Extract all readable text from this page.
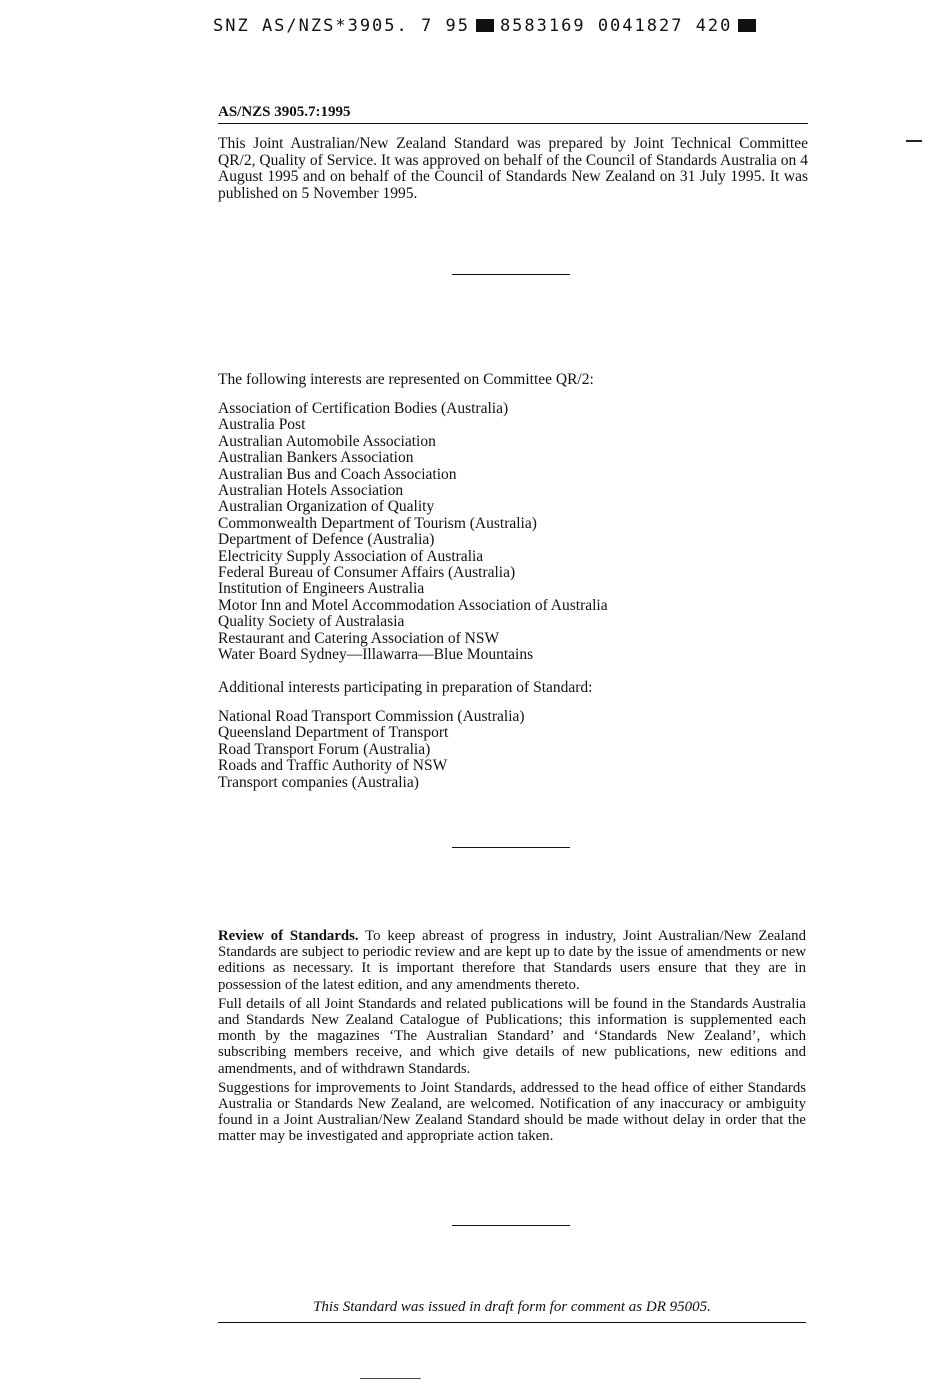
SNZ AS/NZS*3905. 7 95 8583169 0041827 420
AS/NZS 3905.7:1995
This Joint Australian/New Zealand Standard was prepared by Joint Technical Committee QR/2, Quality of Service. It was approved on behalf of the Council of Standards Australia on 4 August 1995 and on behalf of the Council of Standards New Zealand on 31 July 1995. It was published on 5 November 1995.
The following interests are represented on Committee QR/2:
Association of Certification Bodies (Australia)
Australia Post
Australian Automobile Association
Australian Bankers Association
Australian Bus and Coach Association
Australian Hotels Association
Australian Organization of Quality
Commonwealth Department of Tourism (Australia)
Department of Defence (Australia)
Electricity Supply Association of Australia
Federal Bureau of Consumer Affairs (Australia)
Institution of Engineers Australia
Motor Inn and Motel Accommodation Association of Australia
Quality Society of Australasia
Restaurant and Catering Association of NSW
Water Board Sydney—Illawarra—Blue Mountains
Additional interests participating in preparation of Standard:
National Road Transport Commission (Australia)
Queensland Department of Transport
Road Transport Forum (Australia)
Roads and Traffic Authority of NSW
Transport companies (Australia)

Review of Standards. To keep abreast of progress in industry, Joint Australian/New Zealand Standards are subject to periodic review and are kept up to date by the issue of amendments or new editions as necessary. It is important therefore that Standards users ensure that they are in possession of the latest edition, and any amendments thereto.

Full details of all Joint Standards and related publications will be found in the Standards Australia and Standards New Zealand Catalogue of Publications; this information is supplemented each month by the magazines ‘The Australian Standard’ and ‘Standards New Zealand’, which subscribing members receive, and which give details of new publications, new editions and amendments, and of withdrawn Standards.

Suggestions for improvements to Joint Standards, addressed to the head office of either Standards Australia or Standards New Zealand, are welcomed. Notification of any inaccuracy or ambiguity found in a Joint Australian/New Zealand Standard should be made without delay in order that the matter may be investigated and appropriate action taken.

This Standard was issued in draft form for comment as DR 95005.
